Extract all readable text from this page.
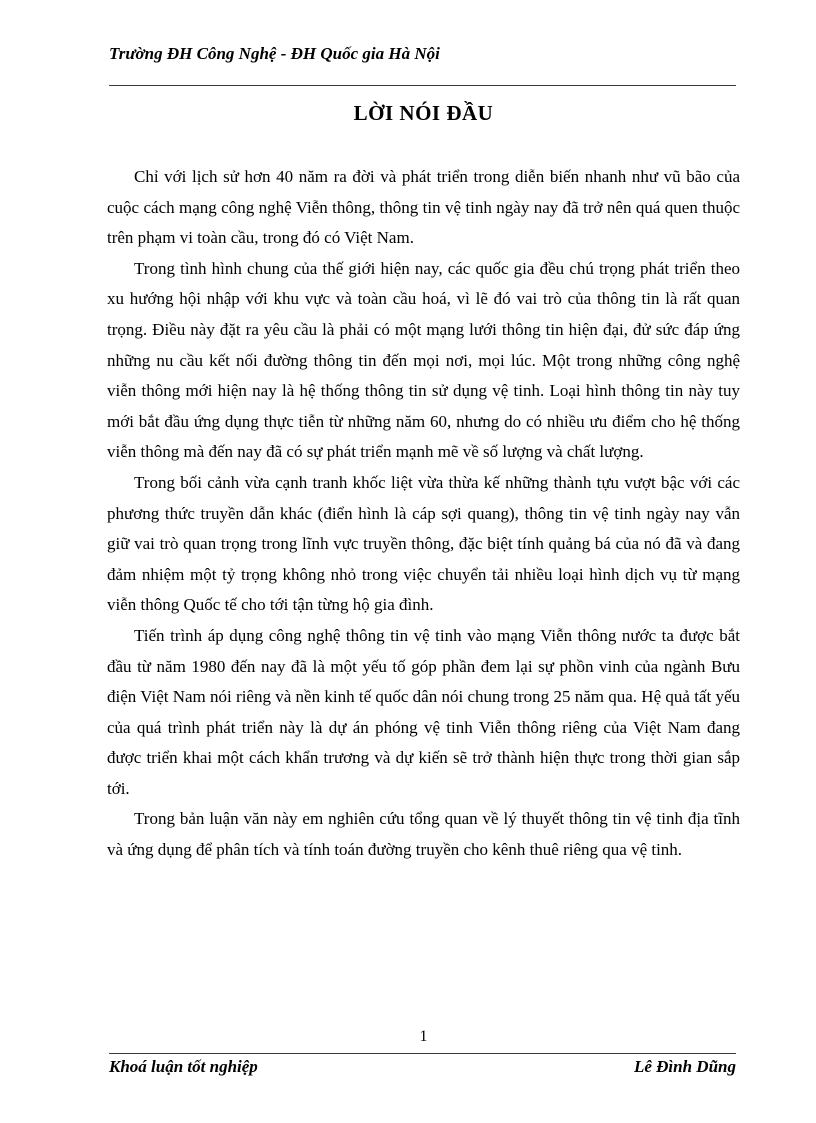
Trường ĐH Công Nghệ - ĐH Quốc gia Hà Nội
LỜI NÓI ĐẦU

Chỉ với lịch sử hơn 40 năm ra đời và phát triển trong diễn biến nhanh như vũ bão của cuộc cách mạng công nghệ Viễn thông, thông tin vệ tinh ngày nay đã trở nên quá quen thuộc trên phạm vi toàn cầu, trong đó có Việt Nam.

Trong tình hình chung của thế giới hiện nay, các quốc gia đều chú trọng phát triển theo xu hướng hội nhập với khu vực và toàn cầu hoá, vì lẽ đó vai trò của thông tin là rất quan trọng. Điều này đặt ra yêu cầu là phải có một mạng lưới thông tin hiện đại, đử sức đáp ứng những nu cầu kết nối đường thông tin đến mọi nơi, mọi lúc. Một trong những công nghệ viễn thông mới hiện nay là hệ thống thông tin sử dụng vệ tinh. Loại hình thông tin này tuy mới bắt đầu ứng dụng thực tiễn từ những năm 60, nhưng do có nhiều ưu điểm cho hệ thống viễn thông mà đến nay đã có sự phát triển mạnh mẽ về số lượng và chất lượng.

Trong bối cảnh vừa cạnh tranh khốc liệt vừa thừa kế những thành tựu vượt bậc với các phương thức truyền dẫn khác (điển hình là cáp sợi quang), thông tin vệ tinh ngày nay vẫn giữ vai trò quan trọng trong lĩnh vực truyền thông, đặc biệt tính quảng bá của nó đã và đang đảm nhiệm một tỷ trọng không nhỏ trong việc chuyển tải nhiều loại hình dịch vụ từ mạng viễn thông Quốc tế cho tới tận từng hộ gia đình.

Tiến trình áp dụng công nghệ thông tin vệ tinh vào mạng Viễn thông nước ta được bắt đầu từ năm 1980 đến nay đã là một yếu tố góp phần đem lại sự phồn vinh của ngành Bưu điện Việt Nam nói riêng và nền kinh tế quốc dân nói chung trong 25 năm qua. Hệ quả tất yếu của quá trình phát triển này là dự án phóng vệ tinh Viễn thông riêng của Việt Nam đang được triển khai một cách khẩn trương và dự kiến sẽ trở thành hiện thực trong thời gian sắp tới.

Trong bản luận văn này em nghiên cứu tổng quan về lý thuyết thông tin vệ tinh địa tĩnh và ứng dụng để phân tích và tính toán đường truyền cho kênh thuê riêng qua vệ tinh.

1
Khoá luận tốt nghiệp	Lê Đình Dũng
